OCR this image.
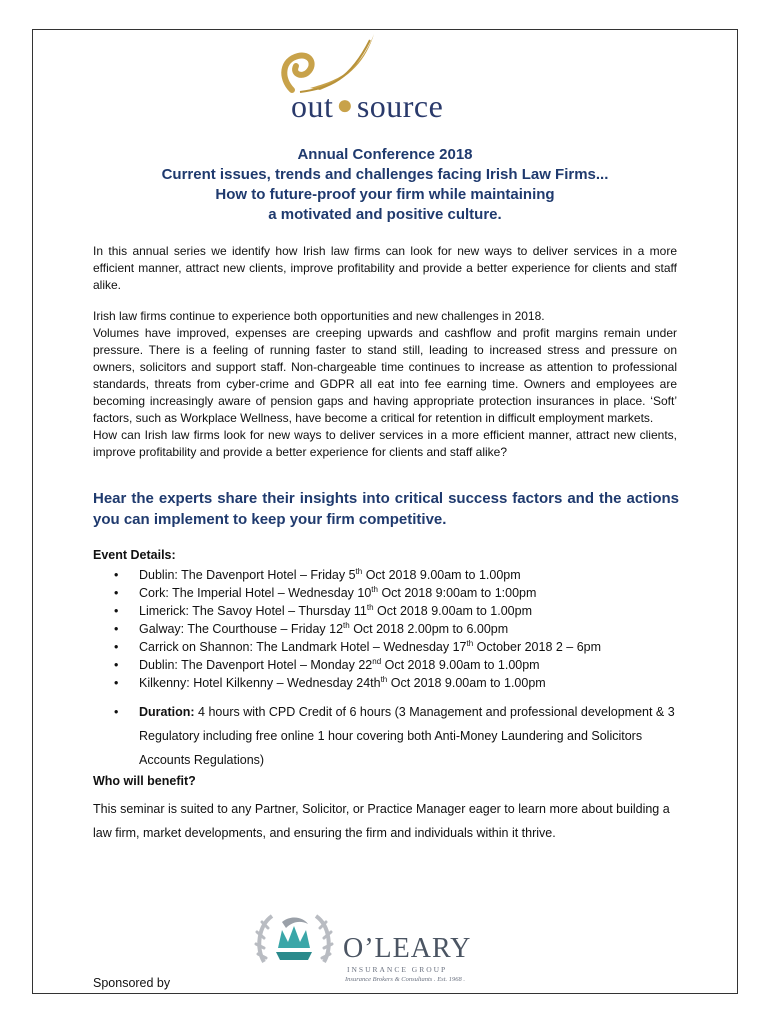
out ●source
Annual Conference 2018
Current issues, trends and challenges facing Irish Law Firms...
How to future-proof your firm while maintaining
a motivated and positive culture.

In this annual series we identify how Irish law firms can look for new ways to deliver services in a more efficient manner, attract new clients, improve profitability and provide a better experience for clients and staff alike.

Irish law firms continue to experience both opportunities and new challenges in 2018.
Volumes have improved, expenses are creeping upwards and cashflow and profit margins remain under pressure. There is a feeling of running faster to stand still, leading to increased stress and pressure on owners, solicitors and support staff. Non-chargeable time continues to increase as attention to professional standards, threats from cyber-crime and GDPR all eat into fee earning time. Owners and employees are becoming increasingly aware of pension gaps and having appropriate protection insurances in place. ‘Soft’ factors, such as Workplace Wellness, have become a critical for retention in difficult employment markets.
How can Irish law firms look for new ways to deliver services in a more efficient manner, attract new clients, improve profitability and provide a better experience for clients and staff alike?

Hear the experts share their insights into critical success factors and the actions you can implement to keep your firm competitive.

Event Details:

• Dublin: The Davenport Hotel – Friday 5th Oct 2018 9.00am to 1.00pm
• Cork: The Imperial Hotel – Wednesday 10th Oct 2018 9:00am to 1:00pm
• Limerick: The Savoy Hotel – Thursday 11th Oct 2018 9.00am to 1.00pm
• Galway: The Courthouse – Friday 12th Oct 2018 2.00pm to 6.00pm
• Carrick on Shannon: The Landmark Hotel – Wednesday 17th October 2018 2 – 6pm
• Dublin: The Davenport Hotel – Monday 22nd Oct 2018 9.00am to 1.00pm
• Kilkenny: Hotel Kilkenny – Wednesday $24th^{th}$ Oct 2018 9.00am to 1.00pm
• Duration: 4 hours with CPD Credit of 6 hours (3 Management and professional development & 3 Regulatory including free online 1 hour covering both Anti-Money Laundering and Solicitors Accounts Regulations)

Who will benefit?

This seminar is suited to any Partner, Solicitor, or Practice Manager eager to learn more about building a law firm, market developments, and ensuring the firm and individuals within it thrive.

O’LEARY
INSURANCE GROUP
Insurance Brokers & Consultants . Est. 1968 .
Sponsored by
